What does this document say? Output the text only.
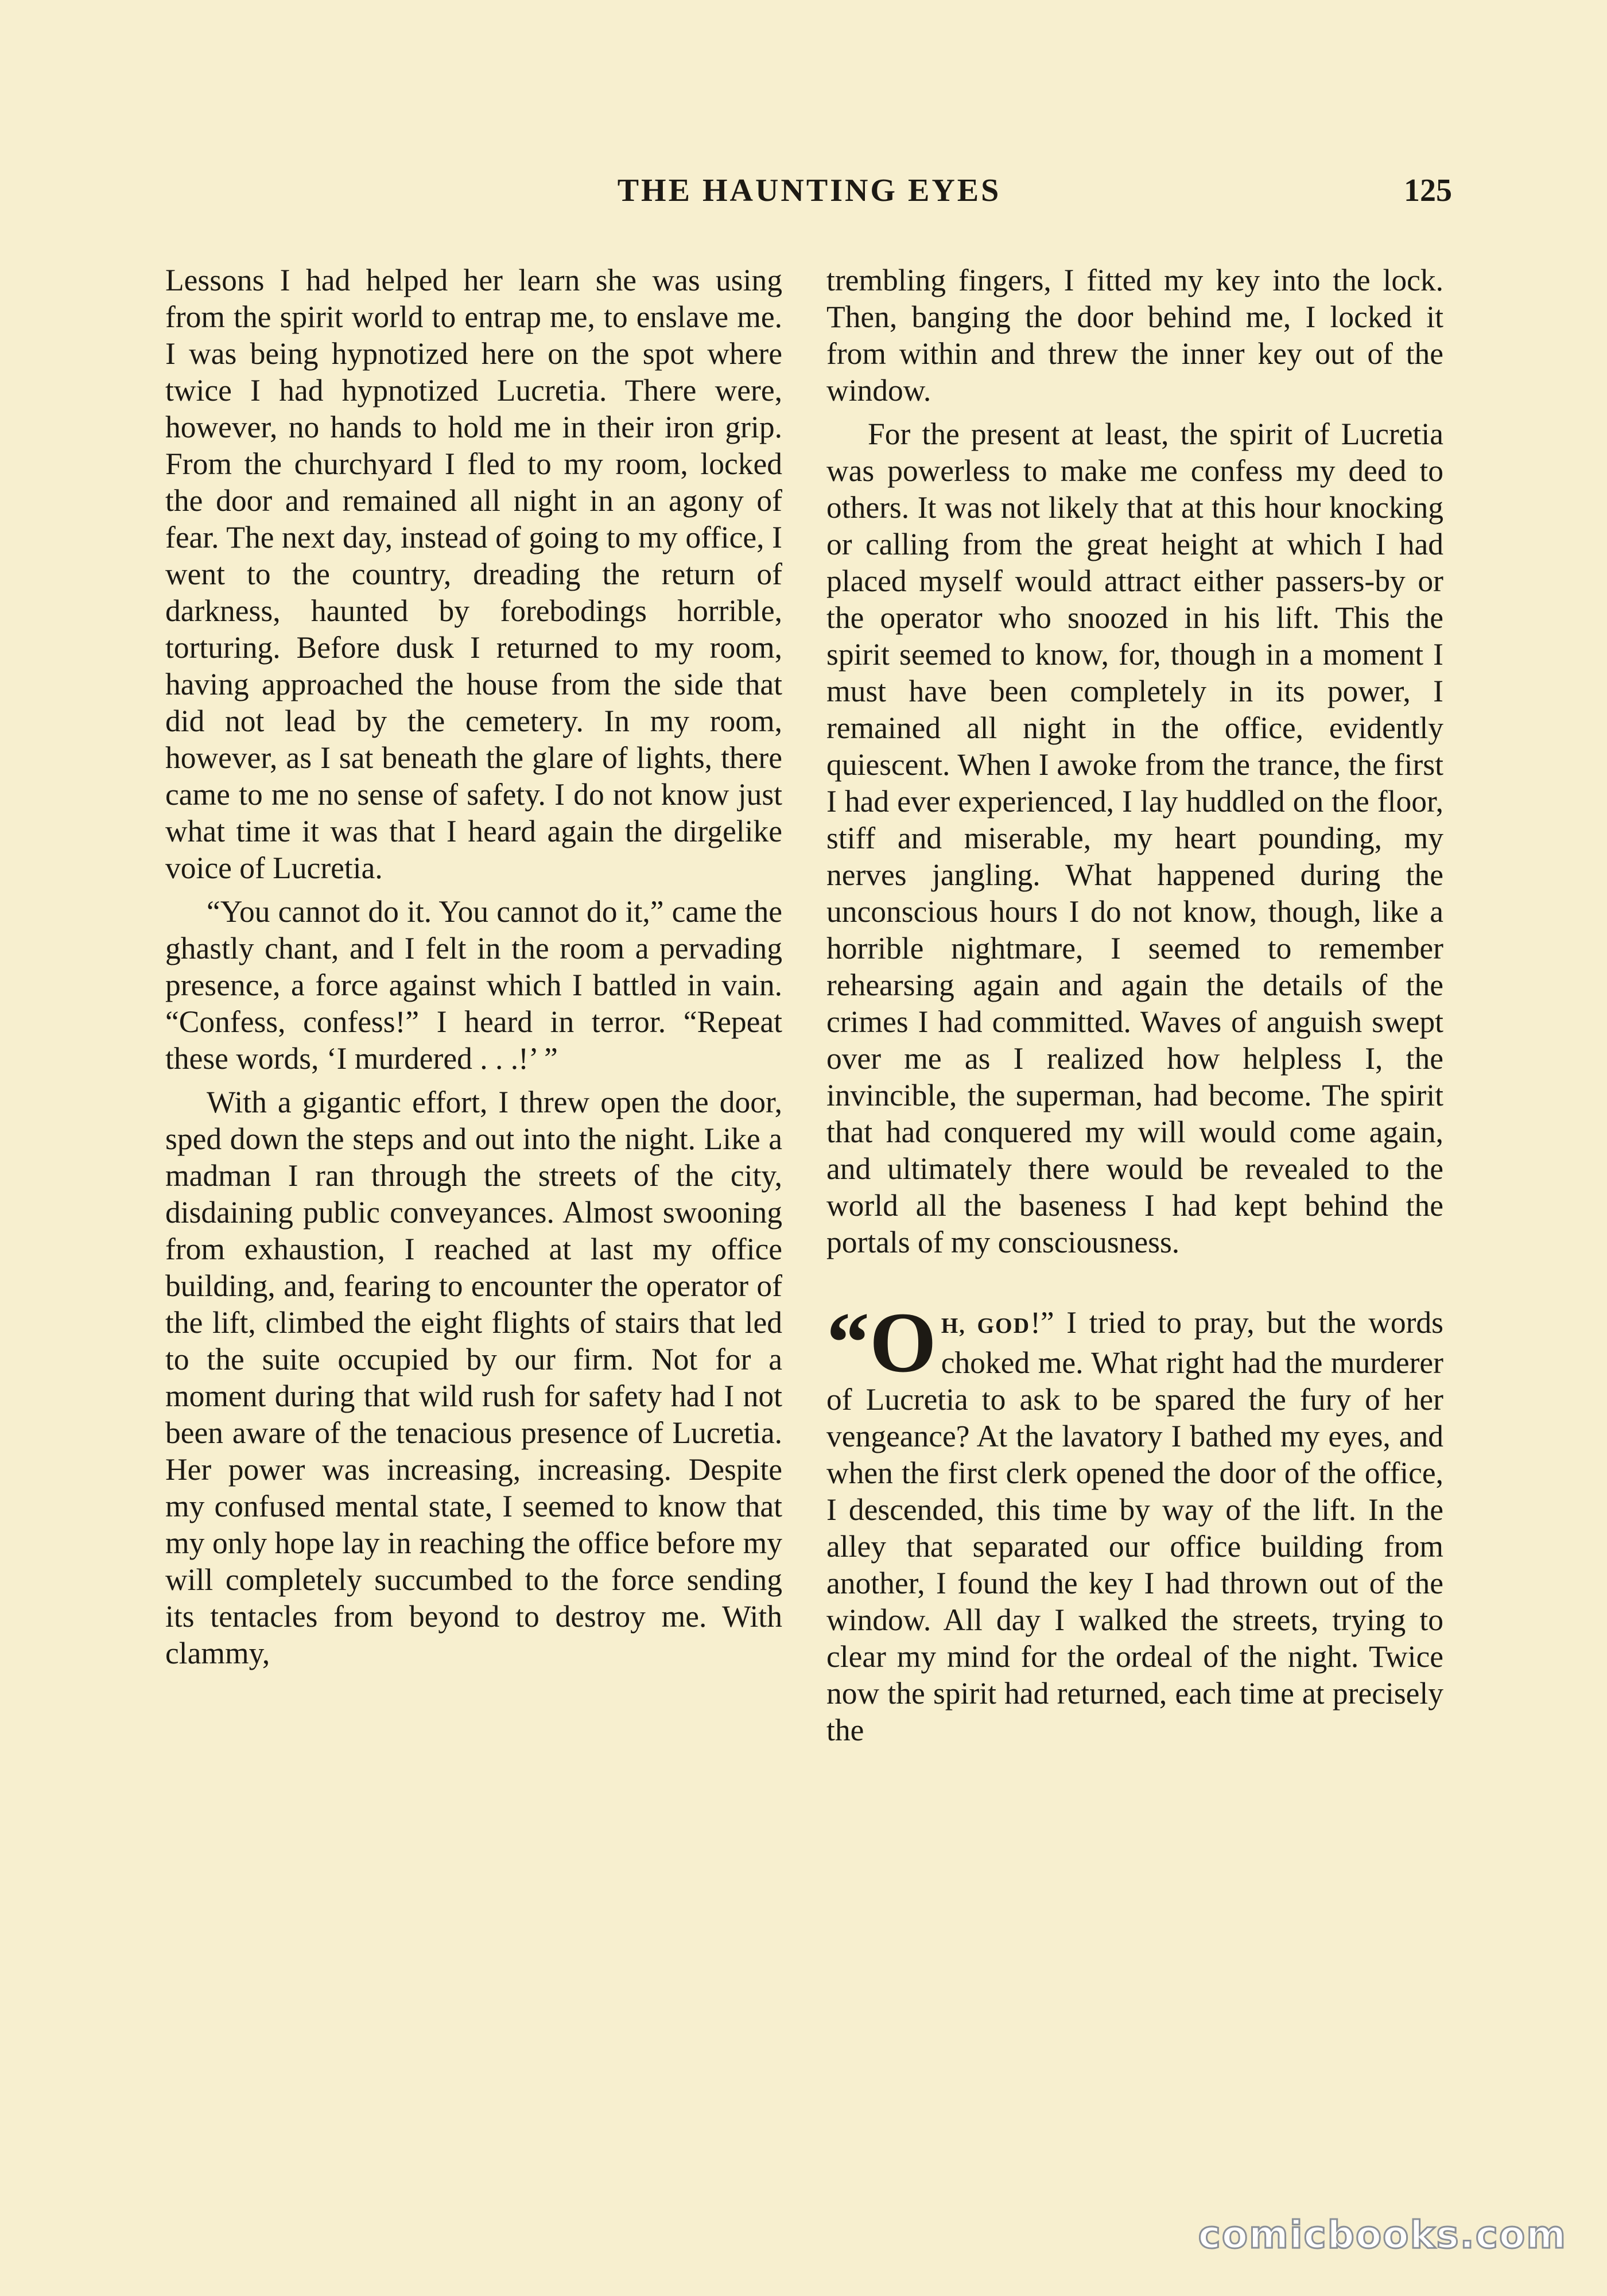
THE HAUNTING EYES	125

Lessons I had helped her learn she was using from the spirit world to entrap me, to enslave me. I was being hypnotized here on the spot where twice I had hypnotized Lucretia. There were, however, no hands to hold me in their iron grip. From the churchyard I fled to my room, locked the door and remained all night in an agony of fear. The next day, instead of going to my office, I went to the country, dreading the return of darkness, haunted by forebodings horrible, torturing. Before dusk I returned to my room, having approached the house from the side that did not lead by the cemetery. In my room, however, as I sat beneath the glare of lights, there came to me no sense of safety. I do not know just what time it was that I heard again the dirgelike voice of Lucretia.

“You cannot do it. You cannot do it,” came the ghastly chant, and I felt in the room a pervading presence, a force against which I battled in vain. “Confess, confess!” I heard in terror. “Repeat these words, ‘I murdered . . .!’ ”

With a gigantic effort, I threw open the door, sped down the steps and out into the night. Like a madman I ran through the streets of the city, disdaining public conveyances. Almost swooning from exhaustion, I reached at last my office building, and, fearing to encounter the operator of the lift, climbed the eight flights of stairs that led to the suite occupied by our firm. Not for a moment during that wild rush for safety had I not been aware of the tenacious presence of Lucretia. Her power was increasing, increasing. Despite my confused mental state, I seemed to know that my only hope lay in reaching the office before my will completely succumbed to the force sending its tentacles from beyond to destroy me. With clammy,

trembling fingers, I fitted my key into the lock. Then, banging the door behind me, I locked it from within and threw the inner key out of the window.

For the present at least, the spirit of Lucretia was powerless to make me confess my deed to others. It was not likely that at this hour knocking or calling from the great height at which I had placed myself would attract either passers-by or the operator who snoozed in his lift. This the spirit seemed to know, for, though in a moment I must have been completely in its power, I remained all night in the office, evidently quiescent. When I awoke from the trance, the first I had ever experienced, I lay huddled on the floor, stiff and miserable, my heart pounding, my nerves jangling. What happened during the unconscious hours I do not know, though, like a horrible nightmare, I seemed to remember rehearsing again and again the details of the crimes I had committed. Waves of anguish swept over me as I realized how helpless I, the invincible, the superman, had become. The spirit that had conquered my will would come again, and ultimately there would be revealed to the world all the baseness I had kept behind the portals of my consciousness.

“O H, GOD!” I tried to pray, but the words choked me. What right had the murderer of Lucretia to ask to be spared the fury of her vengeance? At the lavatory I bathed my eyes, and when the first clerk opened the door of the office, I descended, this time by way of the lift. In the alley that separated our office building from another, I found the key I had thrown out of the window. All day I walked the streets, trying to clear my mind for the ordeal of the night. Twice now the spirit had returned, each time at precisely the

comicbooks.com
